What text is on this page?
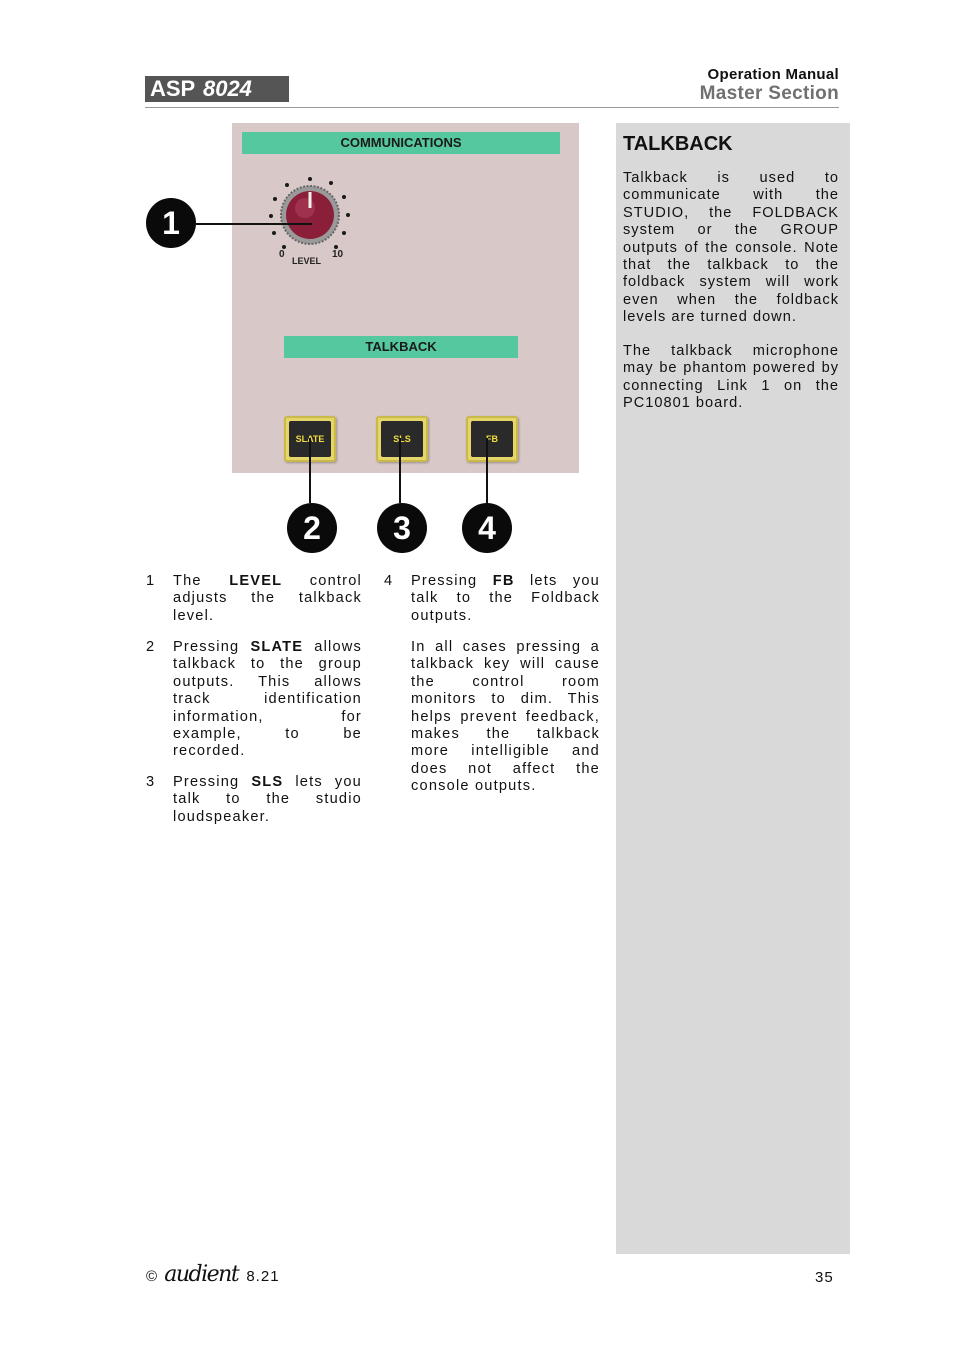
ASP 8024
Operation Manual
Master Section
TALKBACK
Talkback is used to communicate with the STUDIO, the FOLDBACK system or the GROUP outputs of the console. Note that the talkback to the foldback system will work even when the foldback levels are turned down.
The talkback microphone may be phantom powered by connecting Link 1 on the PC10801 board.
COMMUNICATIONS
TALKBACK
0	10
LEVEL
SLATE	SLS	FB
1
2	3	4
1 The LEVEL control adjusts the talkback level.
2 Pressing SLATE allows talkback to the group outputs. This allows track identification information, for example, to be recorded.
3 Pressing SLS lets you talk to the studio loudspeaker.
4 Pressing FB lets you talk to the Foldback outputs.
In all cases pressing a talkback key will cause the control room monitors to dim. This helps prevent feedback, makes the talkback more intelligible and does not affect the console outputs.
© audient 8.21	35
